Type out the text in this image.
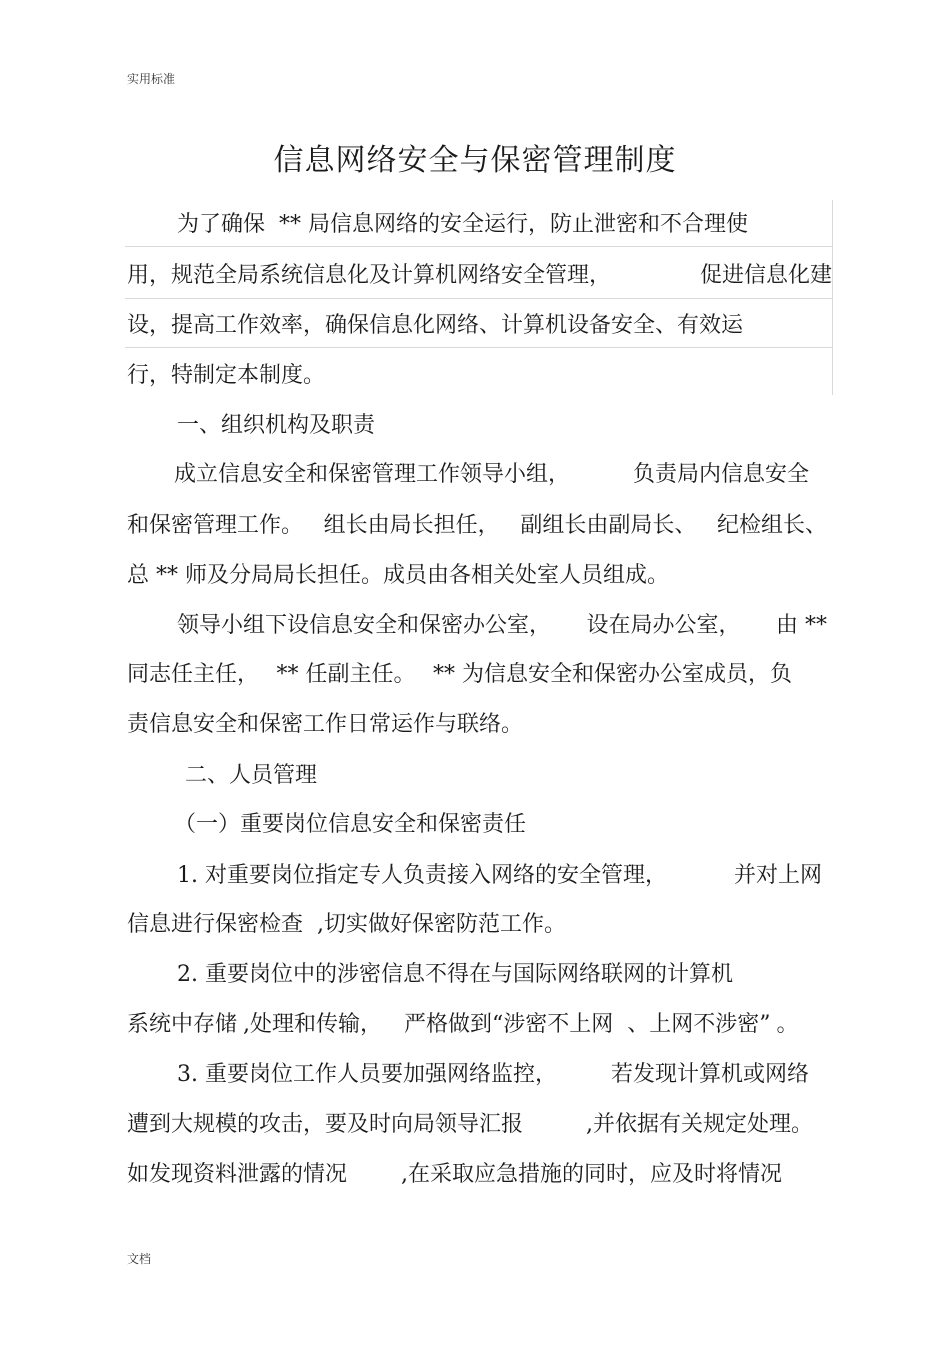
实用标准
信息网络安全与保密管理制度
为了确保 ** 局信息网络的安全运行，防止泄密和不合理使
用，规范全局系统信息化及计算机网络安全管理，	促进信息化建
设，提高工作效率，确保信息化网络、计算机设备安全、有效运
行，特制定本制度。
一、组织机构及职责
成立信息安全和保密管理工作领导小组，	负责局内信息安全
和保密管理工作。 组长由局长担任， 副组长由副局长、 纪检组长、
总 ** 师及分局局长担任。成员由各相关处室人员组成。
领导小组下设信息安全和保密办公室， 设在局办公室， 由 **
同志任主任， ** 任副主任。 ** 为信息安全和保密办公室成员，负
责信息安全和保密工作日常运作与联络。
二、人员管理
（一）重要岗位信息安全和保密责任
1. 对重要岗位指定专人负责接入网络的安全管理，	并对上网
信息进行保密检查 ,切实做好保密防范工作。
2. 重要岗位中的涉密信息不得在与国际网络联网的计算机
系统中存储 ,处理和传输， 严格做到“涉密不上网 、上网不涉密” 。
3. 重要岗位工作人员要加强网络监控， 若发现计算机或网络
遭到大规模的攻击，要及时向局领导汇报	,并依据有关规定处理。
如发现资料泄露的情况 ,在采取应急措施的同时，应及时将情况
文档
